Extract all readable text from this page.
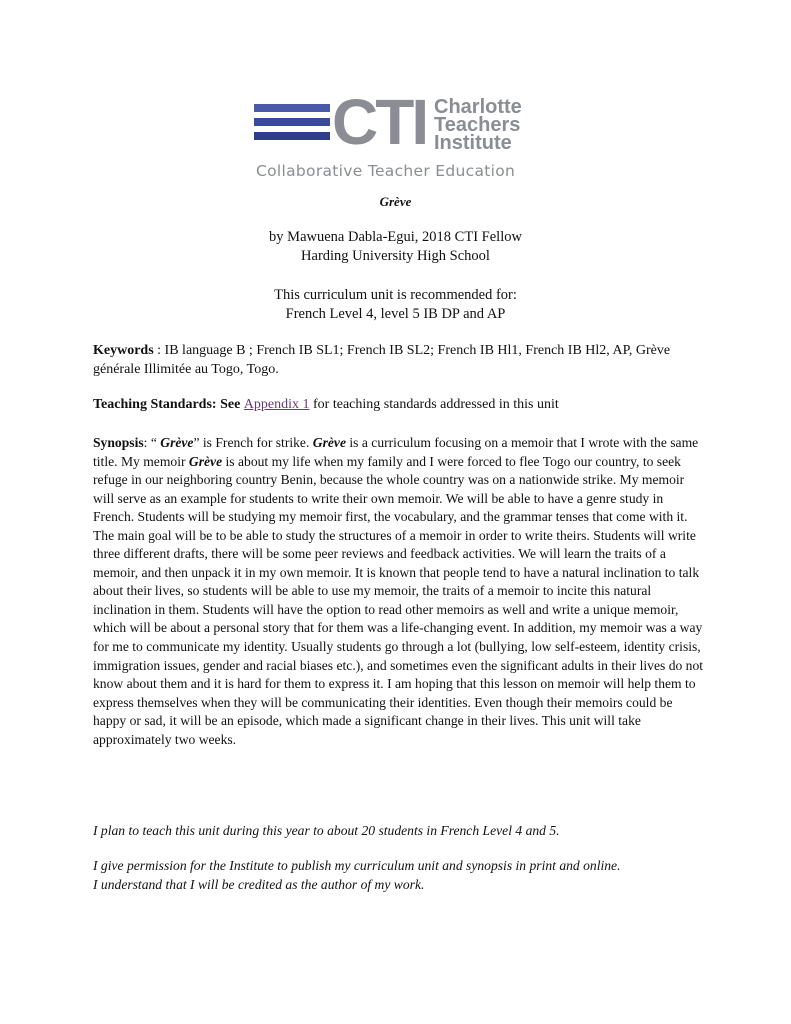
CTI Charlotte
Teachers
Institute
Collaborative Teacher Education
Grève
by Mawuena Dabla-Egui, 2018 CTI Fellow
Harding University High School
This curriculum unit is recommended for:
French Level 4, level 5 IB DP and AP
Keywords : IB language B ; French IB SL1; French IB SL2; French IB Hl1, French IB Hl2, AP, Grève générale Illimitée au Togo, Togo.
Teaching Standards: See Appendix 1 for teaching standards addressed in this unit
Synopsis: “ Grève” is French for strike. Grève is a curriculum focusing on a memoir that I wrote with the same title. My memoir Grève is about my life when my family and I were forced to flee Togo our country, to seek refuge in our neighboring country Benin, because the whole country was on a nationwide strike. My memoir will serve as an example for students to write their own memoir. We will be able to have a genre study in French. Students will be studying my memoir first, the vocabulary, and the grammar tenses that come with it. The main goal will be to be able to study the structures of a memoir in order to write theirs. Students will write three different drafts, there will be some peer reviews and feedback activities. We will learn the traits of a memoir, and then unpack it in my own memoir. It is known that people tend to have a natural inclination to talk about their lives, so students will be able to use my memoir, the traits of a memoir to incite this natural inclination in them. Students will have the option to read other memoirs as well and write a unique memoir, which will be about a personal story that for them was a life-changing event. In addition, my memoir was a way for me to communicate my identity. Usually students go through a lot (bullying, low self-esteem, identity crisis, immigration issues, gender and racial biases etc.), and sometimes even the significant adults in their lives do not know about them and it is hard for them to express it. I am hoping that this lesson on memoir will help them to express themselves when they will be communicating their identities. Even though their memoirs could be happy or sad, it will be an episode, which made a significant change in their lives. This unit will take approximately two weeks.
I plan to teach this unit during this year to about 20 students in French Level 4 and 5.
I give permission for the Institute to publish my curriculum unit and synopsis in print and online.
I understand that I will be credited as the author of my work.
